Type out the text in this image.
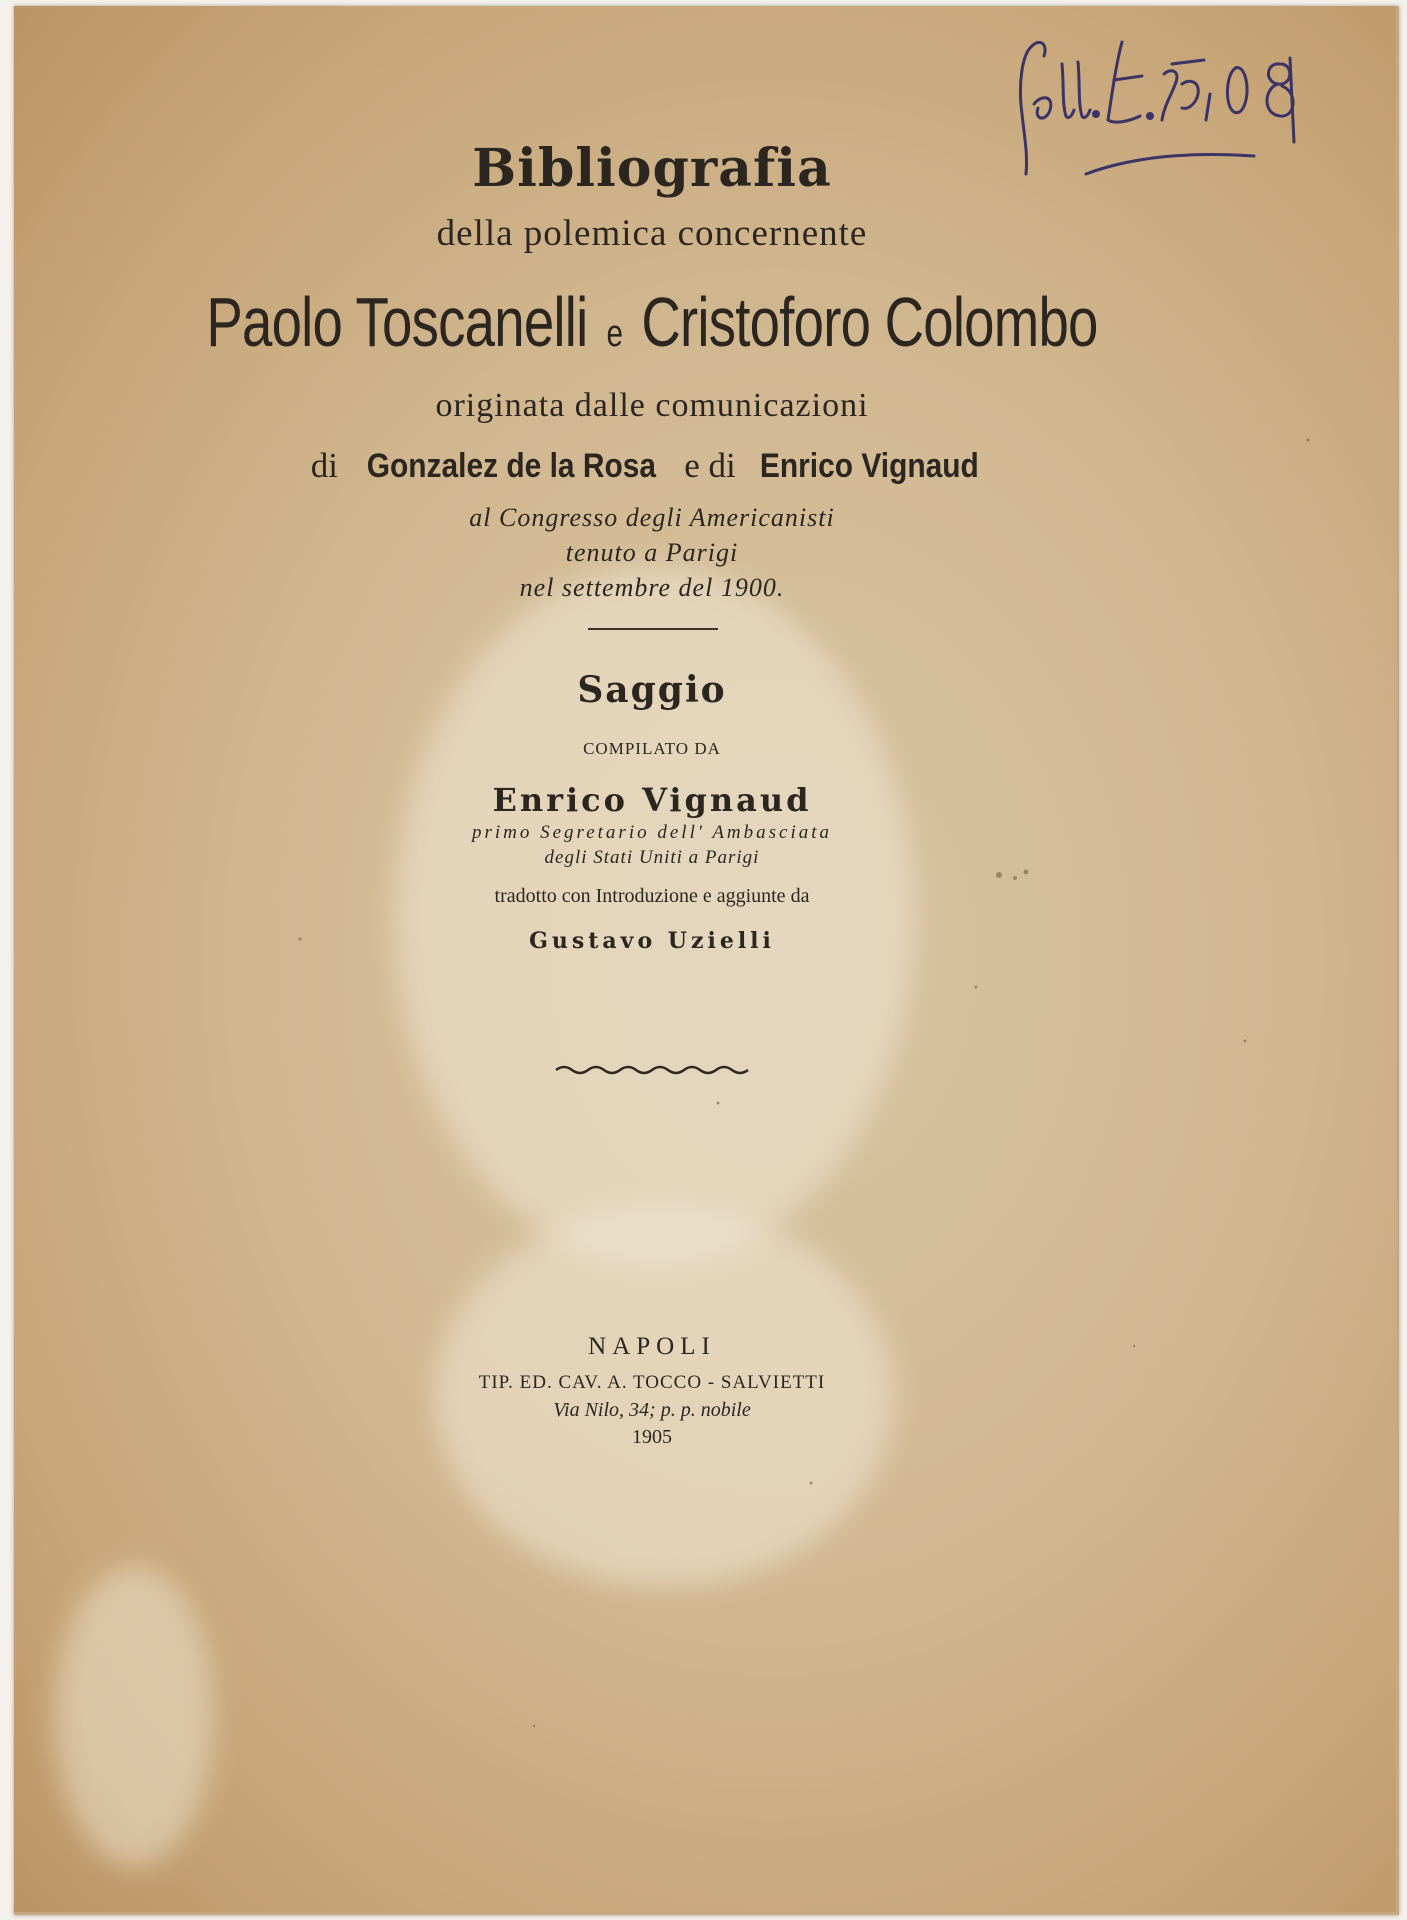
Bibliografia
della polemica concernente
Paolo Toscanelli e Cristoforo Colombo
originata dalle comunicazioni
di Gonzalez de la Rosa e di Enrico Vignaud
al Congresso degli Americanisti
tenuto a Parigi
nel settembre del 1900.
Saggio
COMPILATO DA
Enrico Vignaud
primo Segretario dell' Ambasciata
degli Stati Uniti a Parigi
tradotto con Introduzione e aggiunte da
Gustavo Uzielli
NAPOLI
TIP. ED. CAV. A. TOCCO - SALVIETTI
Via Nilo, 34; p. p. nobile
1905
